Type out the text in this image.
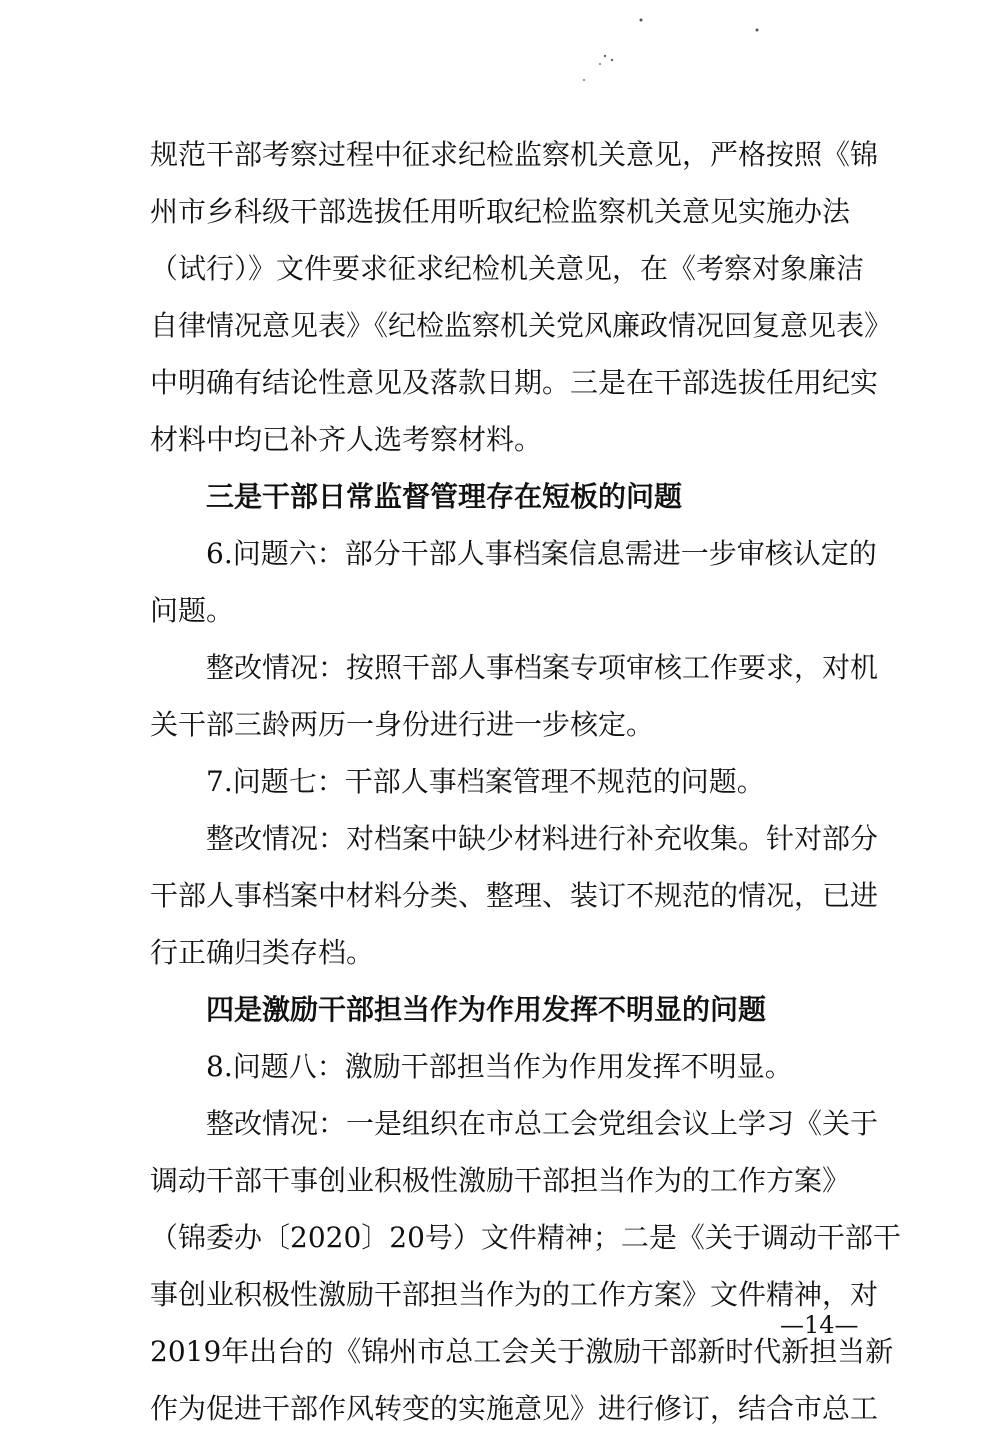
规范干部考察过程中征求纪检监察机关意见，严格按照《锦
州市乡科级干部选拔任用听取纪检监察机关意见实施办法
（试行）》文件要求征求纪检机关意见，在《考察对象廉洁
自律情况意见表》《纪检监察机关党风廉政情况回复意见表》
中明确有结论性意见及落款日期。三是在干部选拔任用纪实
材料中均已补齐人选考察材料。
三是干部日常监督管理存在短板的问题
6.问题六：部分干部人事档案信息需进一步审核认定的
问题。
整改情况：按照干部人事档案专项审核工作要求，对机
关干部三龄两历一身份进行进一步核定。
7.问题七：干部人事档案管理不规范的问题。
整改情况：对档案中缺少材料进行补充收集。针对部分
干部人事档案中材料分类、整理、装订不规范的情况，已进
行正确归类存档。
四是激励干部担当作为作用发挥不明显的问题
8.问题八：激励干部担当作为作用发挥不明显。
整改情况：一是组织在市总工会党组会议上学习《关于
调动干部干事创业积极性激励干部担当作为的工作方案》
（锦委办〔2020〕20号）文件精神；二是《关于调动干部干
事创业积极性激励干部担当作为的工作方案》文件精神，对
2019年出台的《锦州市总工会关于激励干部新时代新担当新
作为促进干部作风转变的实施意见》进行修订，结合市总工
—14—
